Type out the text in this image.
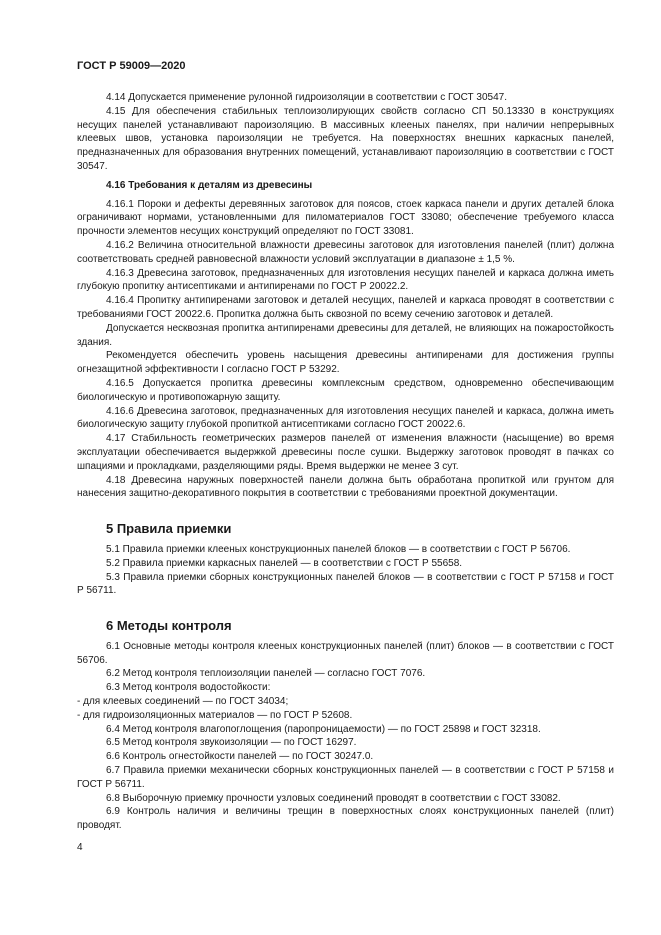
ГОСТ Р 59009—2020

4.14 Допускается применение рулонной гидроизоляции в соответствии с ГОСТ 30547.

4.15 Для обеспечения стабильных теплоизолирующих свойств согласно СП 50.13330 в конструкциях несущих панелей устанавливают пароизоляцию. В массивных клееных панелях, при наличии непрерывных клеевых швов, установка пароизоляции не требуется. На поверхностях внешних каркасных панелей, предназначенных для образования внутренних помещений, устанавливают пароизоляцию в соответствии с ГОСТ 30547.

4.16 Требования к деталям из древесины

4.16.1 Пороки и дефекты деревянных заготовок для поясов, стоек каркаса панели и других деталей блока ограничивают нормами, установленными для пиломатериалов ГОСТ 33080; обеспечение требуемого класса прочности элементов несущих конструкций определяют по ГОСТ 33081.

4.16.2 Величина относительной влажности древесины заготовок для изготовления панелей (плит) должна соответствовать средней равновесной влажности условий эксплуатации в диапазоне ± 1,5 %.

4.16.3 Древесина заготовок, предназначенных для изготовления несущих панелей и каркаса должна иметь глубокую пропитку антисептиками и антипиренами по ГОСТ Р 20022.2.

4.16.4 Пропитку антипиренами заготовок и деталей несущих, панелей и каркаса проводят в соответствии с требованиями ГОСТ 20022.6. Пропитка должна быть сквозной по всему сечению заготовок и деталей.

Допускается несквозная пропитка антипиренами древесины для деталей, не влияющих на пожаростойкость здания.

Рекомендуется обеспечить уровень насыщения древесины антипиренами для достижения группы огнезащитной эффективности I согласно ГОСТ Р 53292.

4.16.5 Допускается пропитка древесины комплексным средством, одновременно обеспечивающим биологическую и противопожарную защиту.

4.16.6 Древесина заготовок, предназначенных для изготовления несущих панелей и каркаса, должна иметь биологическую защиту глубокой пропиткой антисептиками согласно ГОСТ 20022.6.

4.17 Стабильность геометрических размеров панелей от изменения влажности (насыщение) во время эксплуатации обеспечивается выдержкой древесины после сушки. Выдержку заготовок проводят в пачках со шпациями и прокладками, разделяющими ряды. Время выдержки не менее 3 сут.

4.18 Древесина наружных поверхностей панели должна быть обработана пропиткой или грунтом для нанесения защитно-декоративного покрытия в соответствии с требованиями проектной документации.

5 Правила приемки

5.1 Правила приемки клееных конструкционных панелей блоков — в соответствии с ГОСТ Р 56706.

5.2 Правила приемки каркасных панелей — в соответствии с ГОСТ Р 55658.

5.3 Правила приемки сборных конструкционных панелей блоков — в соответствии с ГОСТ Р 57158 и ГОСТ Р 56711.

6 Методы контроля

6.1 Основные методы контроля клееных конструкционных панелей (плит) блоков — в соответствии с ГОСТ 56706.

6.2 Метод контроля теплоизоляции панелей — согласно ГОСТ 7076.

6.3 Метод контроля водостойкости:

- для клеевых соединений — по ГОСТ 34034;

- для гидроизоляционных материалов — по ГОСТ Р 52608.

6.4 Метод контроля влагопоглощения (паропроницаемости) — по ГОСТ 25898 и ГОСТ 32318.

6.5 Метод контроля звукоизоляции — по ГОСТ 16297.

6.6 Контроль огнестойкости панелей — по ГОСТ 30247.0.

6.7 Правила приемки механически сборных конструкционных панелей — в соответствии с ГОСТ Р 57158 и ГОСТ Р 56711.

6.8 Выборочную приемку прочности узловых соединений проводят в соответствии с ГОСТ 33082.

6.9 Контроль наличия и величины трещин в поверхностных слоях конструкционных панелей (плит) проводят.

4
